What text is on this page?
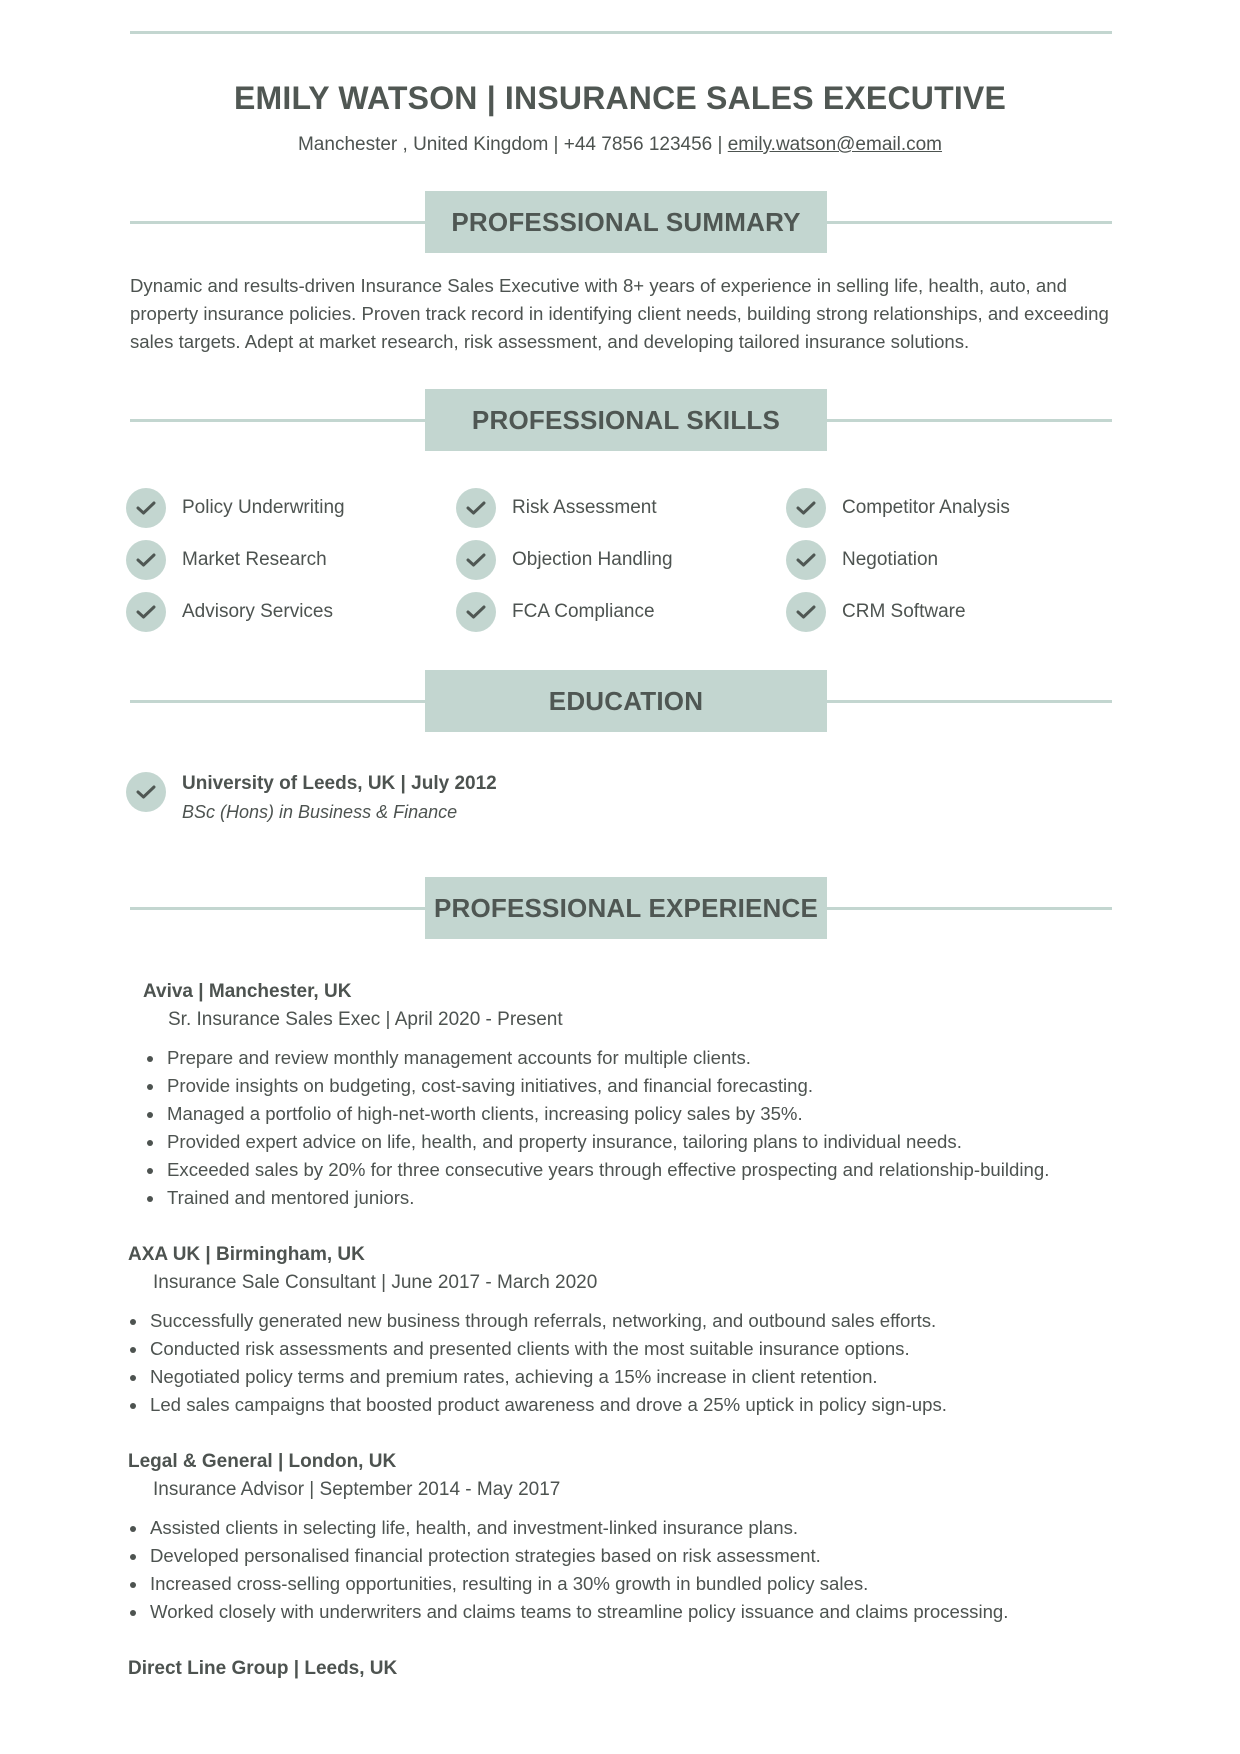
EMILY WATSON | INSURANCE SALES EXECUTIVE
Manchester , United Kingdom | +44 7856 123456 | emily.watson@email.com
PROFESSIONAL SUMMARY

Dynamic and results-driven Insurance Sales Executive with 8+ years of experience in selling life, health, auto, and property insurance policies. Proven track record in identifying client needs, building strong relationships, and exceeding sales targets. Adept at market research, risk assessment, and developing tailored insurance solutions.

PROFESSIONAL SKILLS
Policy Underwriting	Risk Assessment	Competitor Analysis
Market Research	Objection Handling	Negotiation
Advisory Services	FCA Compliance	CRM Software
EDUCATION
University of Leeds, UK | July 2012
BSc (Hons) in Business & Finance
PROFESSIONAL EXPERIENCE
Aviva | Manchester, UK
Sr. Insurance Sales Exec | April 2020 - Present
Prepare and review monthly management accounts for multiple clients.
Provide insights on budgeting, cost-saving initiatives, and financial forecasting.
Managed a portfolio of high-net-worth clients, increasing policy sales by 35%.
Provided expert advice on life, health, and property insurance, tailoring plans to individual needs.
Exceeded sales by 20% for three consecutive years through effective prospecting and relationship-building.
Trained and mentored juniors.
AXA UK | Birmingham, UK
Insurance Sale Consultant | June 2017 - March 2020
Successfully generated new business through referrals, networking, and outbound sales efforts.
Conducted risk assessments and presented clients with the most suitable insurance options.
Negotiated policy terms and premium rates, achieving a 15% increase in client retention.
Led sales campaigns that boosted product awareness and drove a 25% uptick in policy sign-ups.
Legal & General | London, UK
Insurance Advisor | September 2014 - May 2017
Assisted clients in selecting life, health, and investment-linked insurance plans.
Developed personalised financial protection strategies based on risk assessment.
Increased cross-selling opportunities, resulting in a 30% growth in bundled policy sales.
Worked closely with underwriters and claims teams to streamline policy issuance and claims processing.
Direct Line Group | Leeds, UK
